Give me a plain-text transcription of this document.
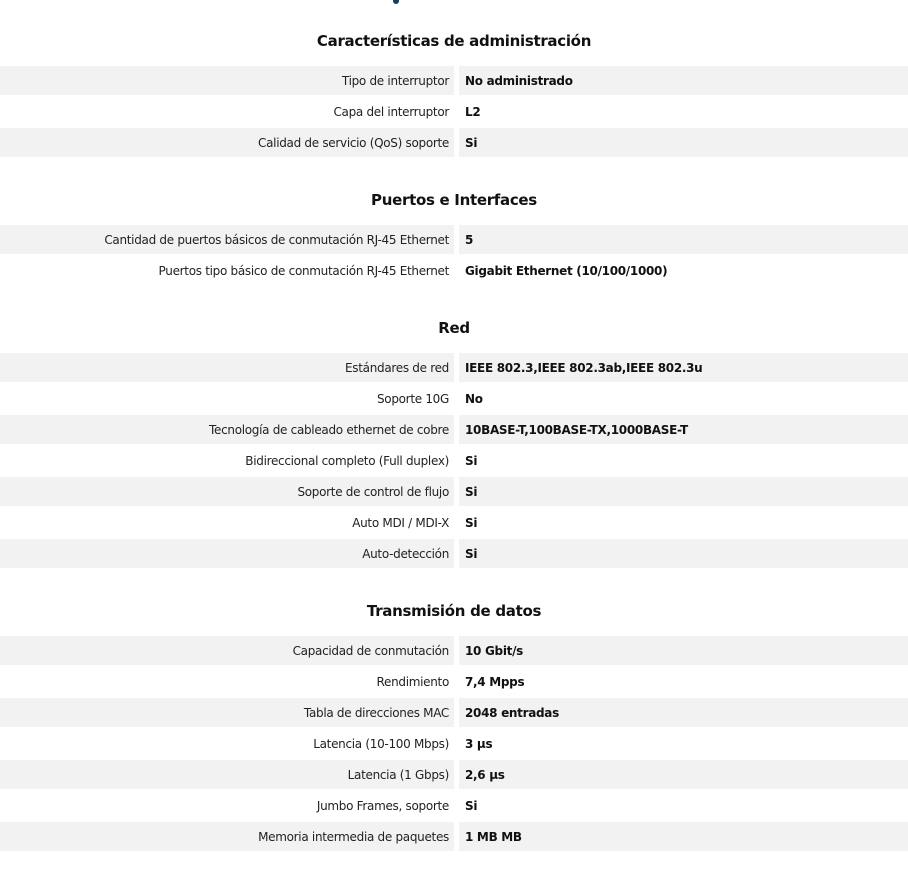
Características de administración
Tipo de interruptor	No administrado
Capa del interruptor	L2
Calidad de servicio (QoS) soporte	Si
Puertos e Interfaces
Cantidad de puertos básicos de conmutación RJ-45 Ethernet	5
Puertos tipo básico de conmutación RJ-45 Ethernet	Gigabit Ethernet (10/100/1000)
Red
Estándares de red	IEEE 802.3,IEEE 802.3ab,IEEE 802.3u
Soporte 10G	No
Tecnología de cableado ethernet de cobre	10BASE-T,100BASE-TX,1000BASE-T
Bidireccional completo (Full duplex)	Si
Soporte de control de flujo	Si
Auto MDI / MDI-X	Si
Auto-detección	Si
Transmisión de datos
Capacidad de conmutación	10 Gbit/s
Rendimiento	7,4 Mpps
Tabla de direcciones MAC	2048 entradas
Latencia (10-100 Mbps)	3 µs
Latencia (1 Gbps)	2,6 µs
Jumbo Frames, soporte	Si
Memoria intermedia de paquetes	1 MB MB
